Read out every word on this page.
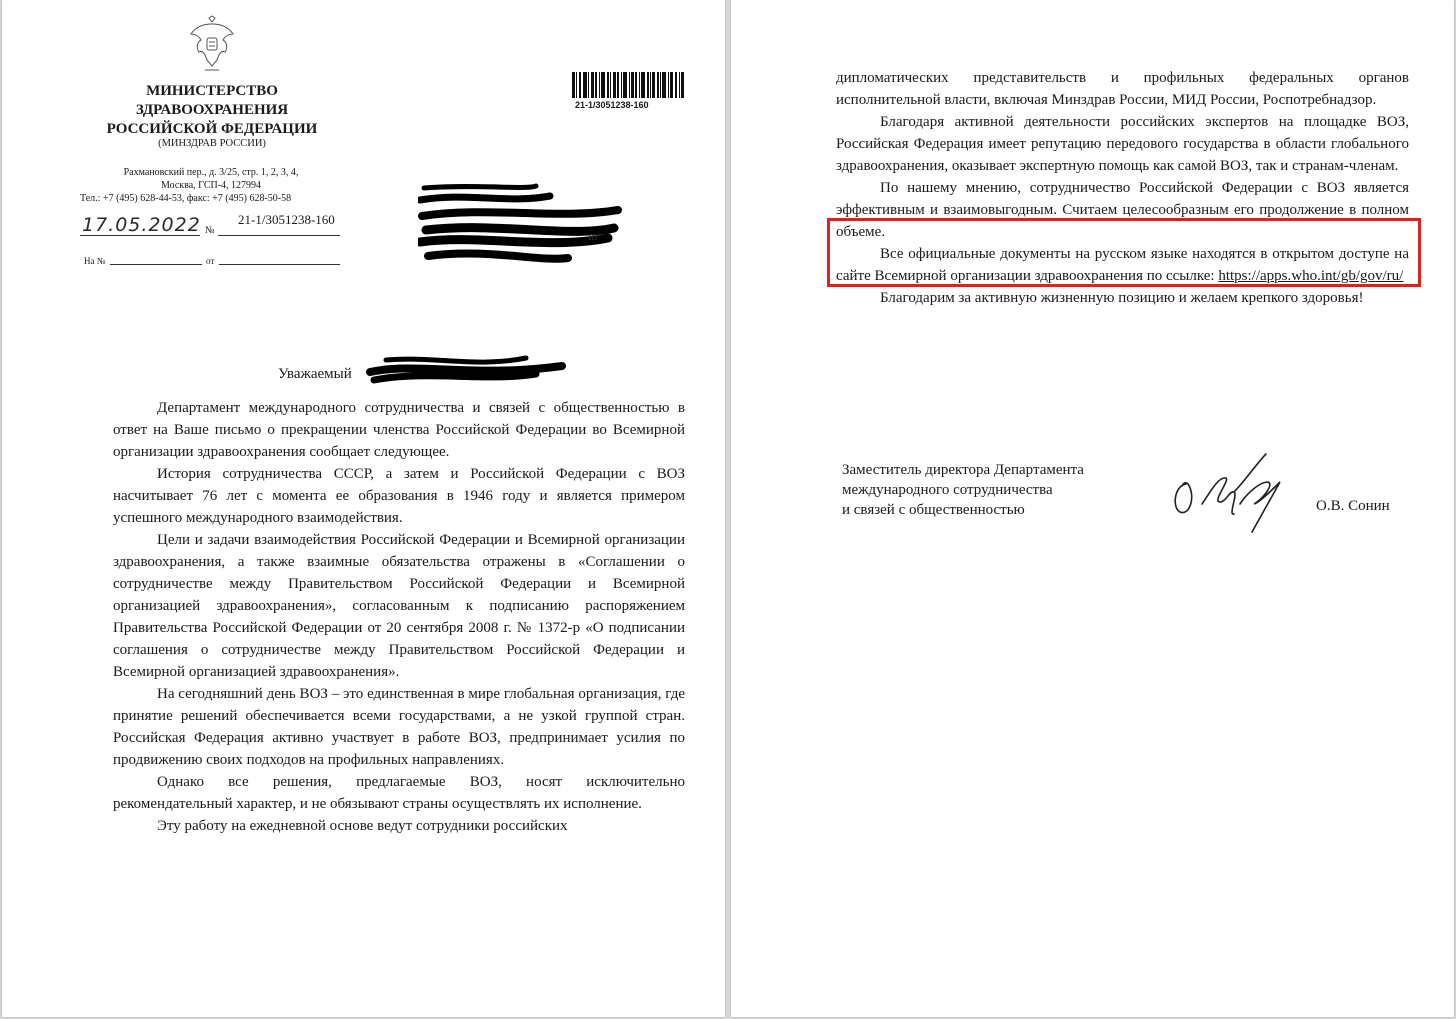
МИНИСТЕРСТВО
ЗДРАВООХРАНЕНИЯ
РОССИЙСКОЙ ФЕДЕРАЦИИ
(МИНЗДРАВ РОССИИ)
Рахмановский пер., д. 3/25, стр. 1, 2, 3, 4,
Москва, ГСП-4, 127994
Тел.: +7 (495) 628-44-53, факс: +7 (495) 628-50-58
17.05.2022 №
21-1/3051238-160
На №	от
21-1/3051238-160
m
Уважаемый

Департамент международного сотрудничества и связей с общественностью в ответ на Ваше письмо о прекращении членства Российской Федерации во Всемирной организации здравоохранения сообщает следующее.

История сотрудничества СССР, а затем и Российской Федерации с ВОЗ насчитывает 76 лет с момента ее образования в 1946 году и является примером успешного международного взаимодействия.

Цели и задачи взаимодействия Российской Федерации и Всемирной организации здравоохранения, а также взаимные обязательства отражены в «Соглашении о сотрудничестве между Правительством Российской Федерации и Всемирной организацией здравоохранения», согласованным к подписанию распоряжением Правительства Российской Федерации от 20 сентября 2008 г. № 1372-р «О подписании соглашения о сотрудничестве между Правительством Российской Федерации и Всемирной организацией здравоохранения».

На сегодняшний день ВОЗ – это единственная в мире глобальная организация, где принятие решений обеспечивается всеми государствами, а не узкой группой стран. Российская Федерация активно участвует в работе ВОЗ, предпринимает усилия по продвижению своих подходов на профильных направлениях.

Однако все решения, предлагаемые ВОЗ, носят исключительно рекомендательный характер, и не обязывают страны осуществлять их исполнение.

Эту работу на ежедневной основе ведут сотрудники российских

дипломатических представительств и профильных федеральных органов исполнительной власти, включая Минздрав России, МИД России, Роспотребнадзор.

Благодаря активной деятельности российских экспертов на площадке ВОЗ, Российская Федерация имеет репутацию передового государства в области глобального здравоохранения, оказывает экспертную помощь как самой ВОЗ, так и странам-членам.

По нашему мнению, сотрудничество Российской Федерации с ВОЗ является эффективным и взаимовыгодным. Считаем целесообразным его продолжение в полном объеме.

Все официальные документы на русском языке находятся в открытом доступе на сайте Всемирной организации здравоохранения по ссылке: https://apps.who.int/gb/gov/ru/

Благодарим за активную жизненную позицию и желаем крепкого здоровья!

Заместитель директора Департамента
международного сотрудничества
и связей с общественностью	О.В. Сонин
